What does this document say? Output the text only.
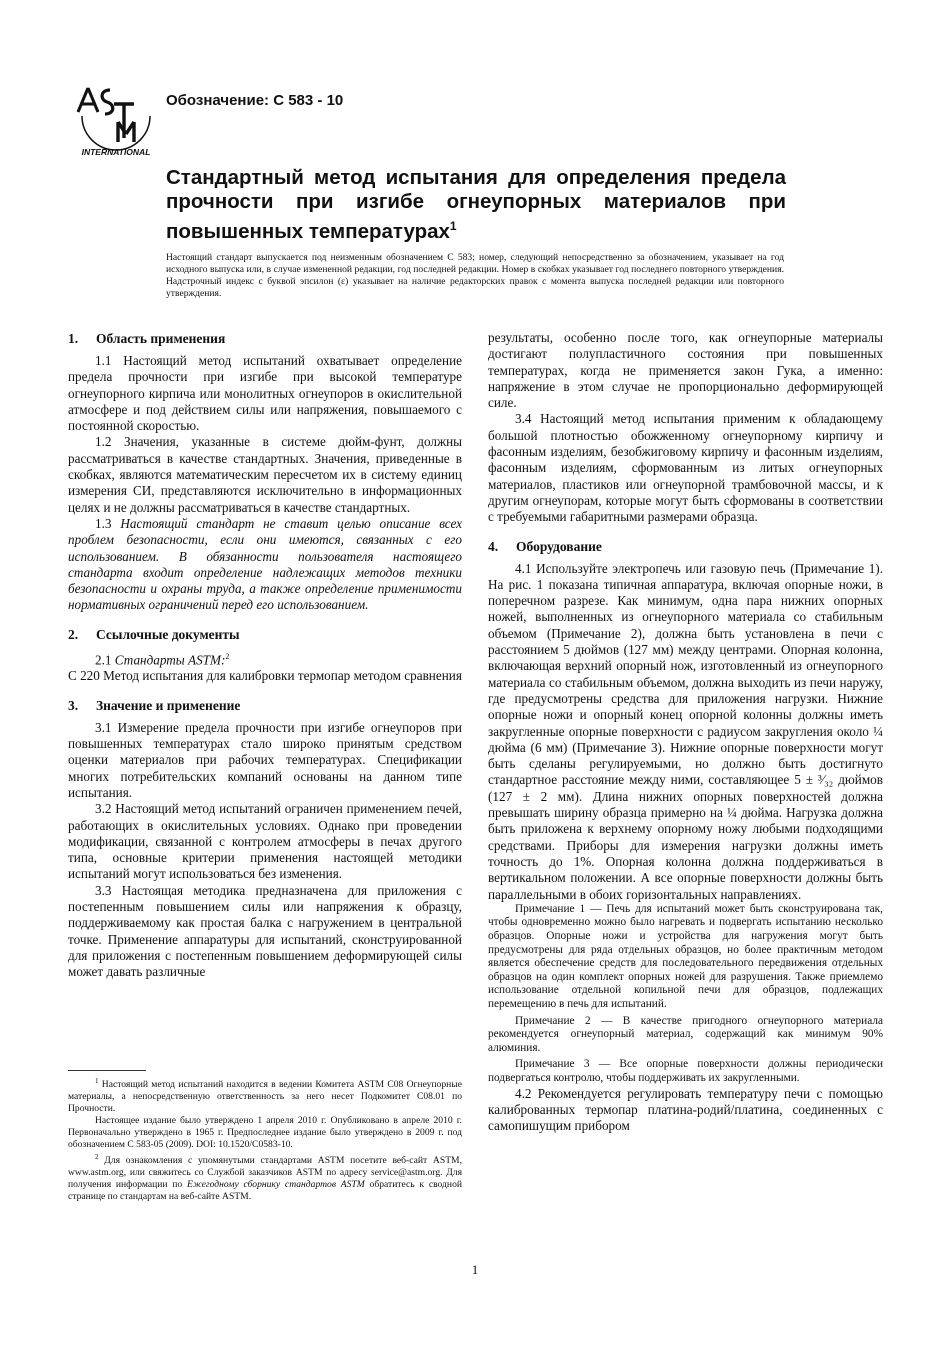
INTERNATIONAL
Обозначение: C 583 - 10
Стандартный метод испытания для определения предела прочности при изгибе огнеупорных материалов при повышенных температурах$^1$

Настоящий стандарт выпускается под неизменным обозначением C 583; номер, следующий непосредственно за обозначением, указывает на год исходного выпуска или, в случае измененной редакции, год последней редакции. Номер в скобках указывает год последнего повторного утверждения. Надстрочный индекс с буквой эпсилон (ε) указывает на наличие редакторских правок с момента выпуска последней редакции или повторного утверждения.

1. Область применения

1.1 Настоящий метод испытаний охватывает определение предела прочности при изгибе при высокой температуре огнеупорного кирпича или монолитных огнеупоров в окислительной атмосфере и под действием силы или напряжения, повышаемого с постоянной скоростью.

1.2 Значения, указанные в системе дюйм-фунт, должны рассматриваться в качестве стандартных. Значения, приведенные в скобках, являются математическим пересчетом их в систему единиц измерения СИ, представляются исключительно в информационных целях и не должны рассматриваться в качестве стандартных.

1.3 Настоящий стандарт не ставит целью описание всех проблем безопасности, если они имеются, связанных с его использованием. В обязанности пользователя настоящего стандарта входит определение надлежащих методов техники безопасности и охраны труда, а также определение применимости нормативных ограничений перед его использованием.

2. Ссылочные документы

2.1 Стандарты ASTM:$^2$

C 220 Метод испытания для калибровки термопар методом сравнения

3. Значение и применение

3.1 Измерение предела прочности при изгибе огнеупоров при повышенных температурах стало широко принятым средством оценки материалов при рабочих температурах. Спецификации многих потребительских компаний основаны на данном типе испытания.

3.2 Настоящий метод испытаний ограничен применением печей, работающих в окислительных условиях. Однако при проведении модификации, связанной с контролем атмосферы в печах другого типа, основные критерии применения настоящей методики испытаний могут использоваться без изменения.

3.3 Настоящая методика предназначена для приложения с постепенным повышением силы или напряжения к образцу, поддерживаемому как простая балка с нагружением в центральной точке. Применение аппаратуры для испытаний, сконструированной для приложения с постепенным повышением деформирующей силы может давать различные

$^1$ Настоящий метод испытаний находится в ведении Комитета ASTM C08 Огнеупорные материалы, а непосредственную ответственность за него несет Подкомитет C08.01 по Прочности.

Настоящее издание было утверждено 1 апреля 2010 г. Опубликовано в апреле 2010 г. Первоначально утверждено в 1965 г. Предпоследнее издание было утверждено в 2009 г. под обозначением C 583-05 (2009). DOI: 10.1520/C0583-10.

$^2$ Для ознакомления с упомянутыми стандартами ASTM посетите веб-сайт ASTM, www.astm.org, или свяжитесь со Службой заказчиков ASTM по адресу service@astm.org. Для получения информации по Ежегодному сборнику стандартов ASTM обратитесь к сводной странице по стандартам на веб-сайте ASTM.

результаты, особенно после того, как огнеупорные материалы достигают полупластичного состояния при повышенных температурах, когда не применяется закон Гука, а именно: напряжение в этом случае не пропорционально деформирующей силе.

3.4 Настоящий метод испытания применим к обладающему большой плотностью обожженному огнеупорному кирпичу и фасонным изделиям, безобжиговому кирпичу и фасонным изделиям, фасонным изделиям, сформованным из литых огнеупорных материалов, пластиков или огнеупорной трамбовочной массы, и к другим огнеупорам, которые могут быть сформованы в соответствии с требуемыми габаритными размерами образца.

4. Оборудование

4.1 Используйте электропечь или газовую печь (Примечание 1). На рис. 1 показана типичная аппаратура, включая опорные ножи, в поперечном разрезе. Как минимум, одна пара нижних опорных ножей, выполненных из огнеупорного материала со стабильным объемом (Примечание 2), должна быть установлена в печи с расстоянием 5 дюймов (127 мм) между центрами. Опорная колонна, включающая верхний опорный нож, изготовленный из огнеупорного материала со стабильным объемом, должна выходить из печи наружу, где предусмотрены средства для приложения нагрузки. Нижние опорные ножи и опорный конец опорной колонны должны иметь закругленные опорные поверхности с радиусом закругления около ¼ дюйма (6 мм) (Примечание 3). Нижние опорные поверхности могут быть сделаны регулируемыми, но должно быть достигнуто стандартное расстояние между ними, составляющее 5 ± ³⁄₃₂ дюймов (127 ± 2 мм). Длина нижних опорных поверхностей должна превышать ширину образца примерно на ¼ дюйма. Нагрузка должна быть приложена к верхнему опорному ножу любыми подходящими средствами. Приборы для измерения нагрузки должны иметь точность до 1%. Опорная колонна должна поддерживаться в вертикальном положении. А все опорные поверхности должны быть параллельными в обоих горизонтальных направлениях.

Примечание 1 — Печь для испытаний может быть сконструирована так, чтобы одновременно можно было нагревать и подвергать испытанию несколько образцов. Опорные ножи и устройства для нагружения могут быть предусмотрены для ряда отдельных образцов, но более практичным методом является обеспечение средств для последовательного передвижения отдельных образцов на один комплект опорных ножей для разрушения. Также приемлемо использование отдельной копильной печи для образцов, подлежащих перемещению в печь для испытаний.

Примечание 2 — В качестве пригодного огнеупорного материала рекомендуется огнеупорный материал, содержащий как минимум 90% алюминия.

Примечание 3 — Все опорные поверхности должны периодически подвергаться контролю, чтобы поддерживать их закругленными.

4.2 Рекомендуется регулировать температуру печи с помощью калиброванных термопар платина-родий/платина, соединенных с самопишущим прибором

1
